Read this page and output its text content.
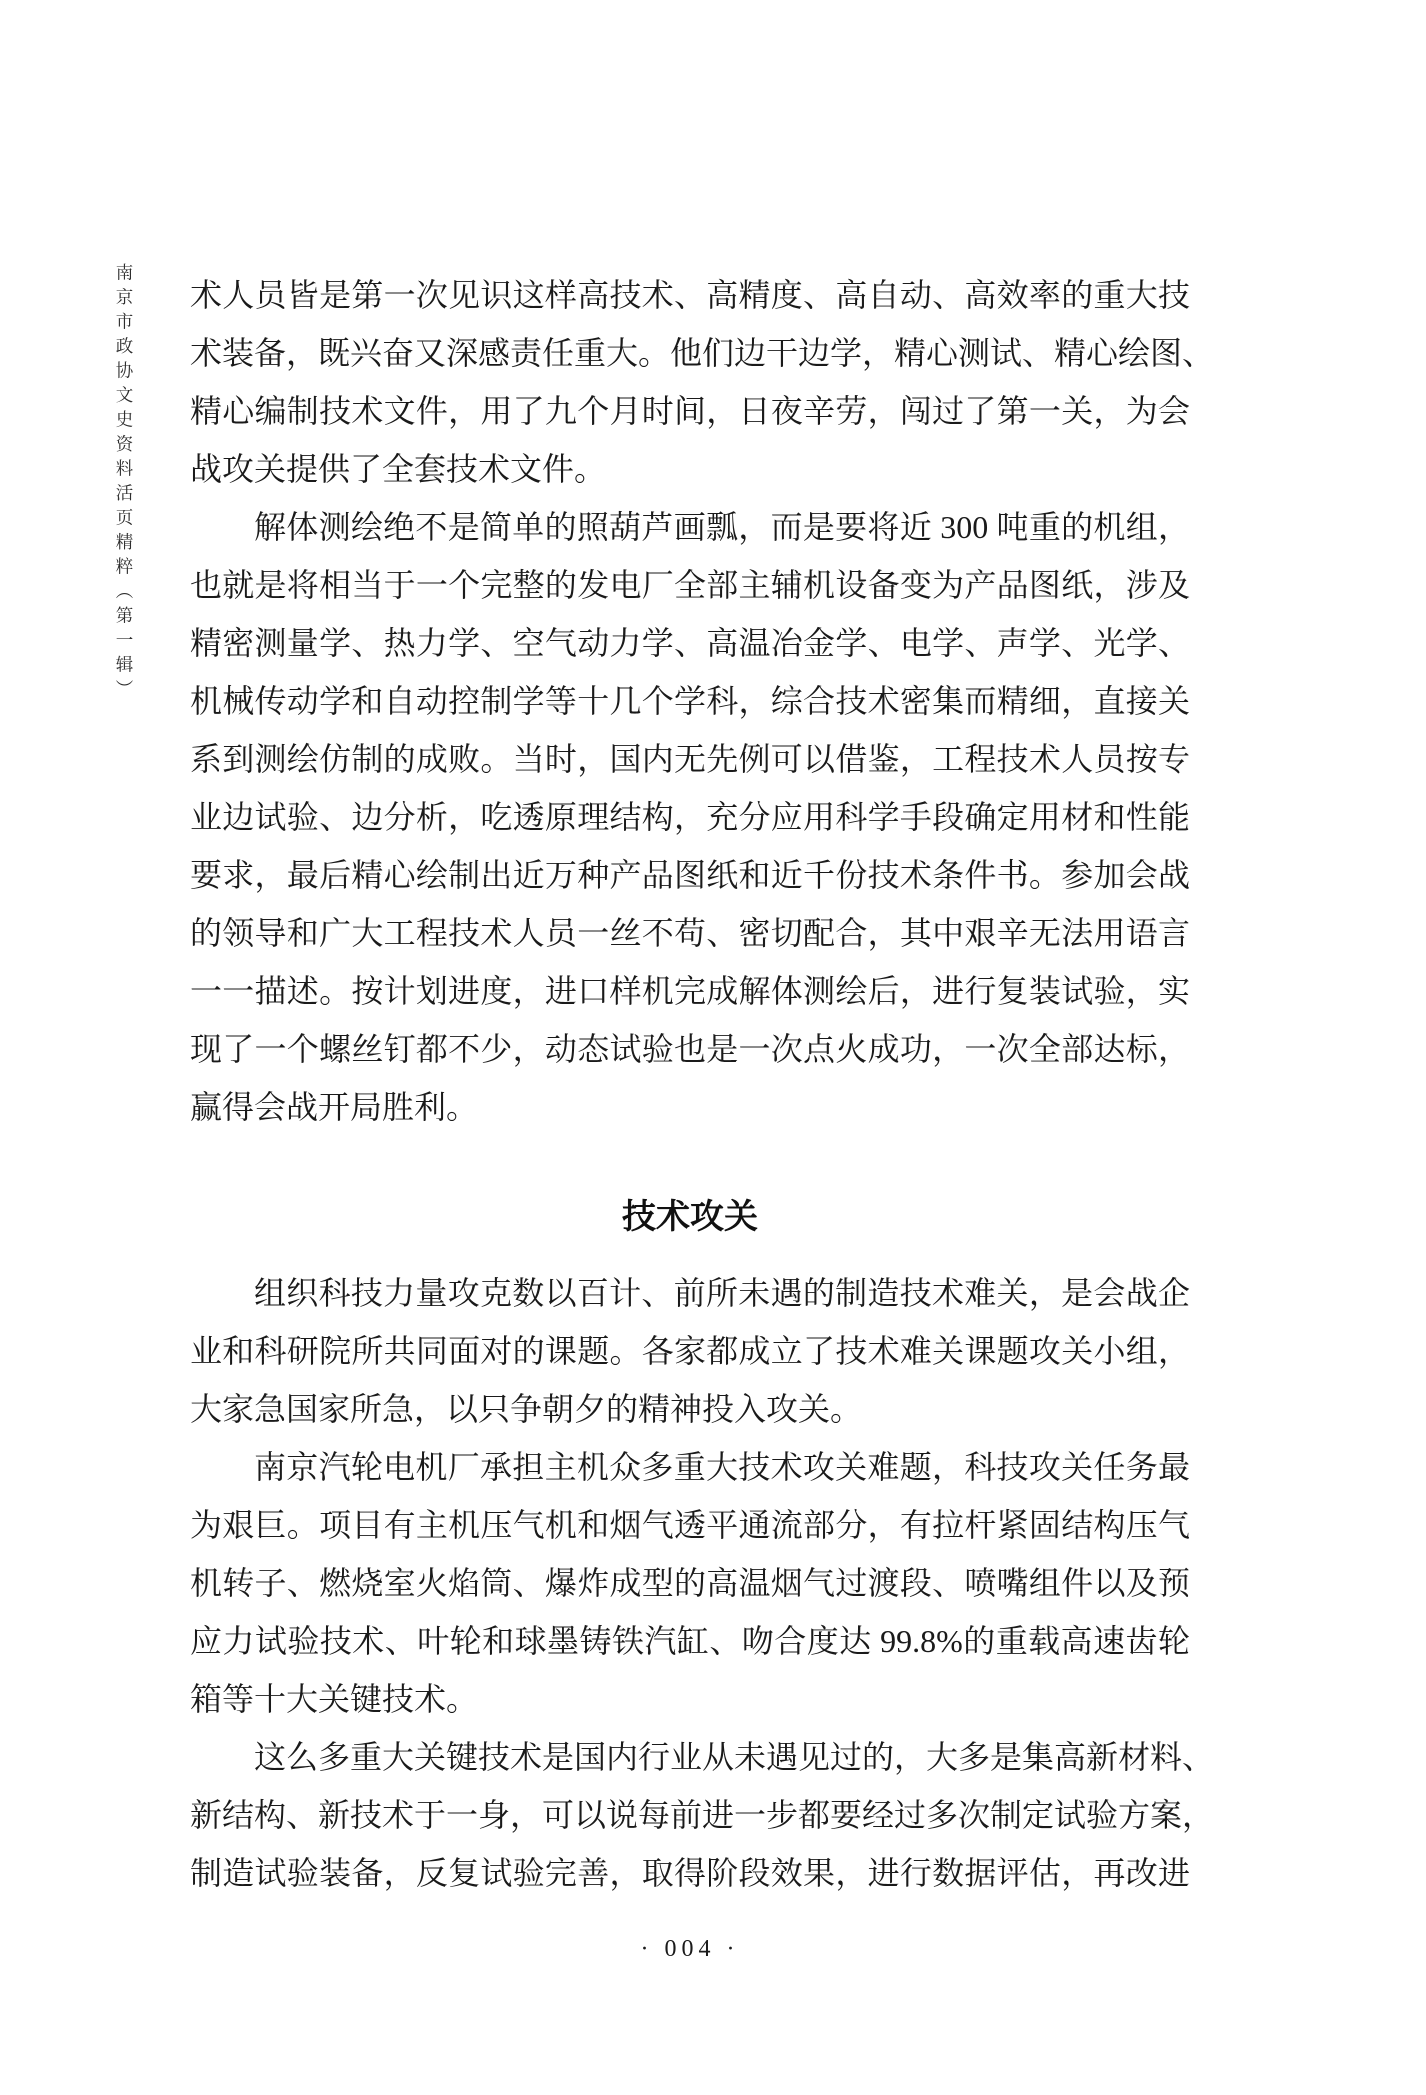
南京市政协文史资料活页精粹（第一辑） 术人员皆是第一次见识这样高技术、高精度、高自动、高效率的重大技
术装备，既兴奋又深感责任重大。他们边干边学，精心测试、精心绘图、
精心编制技术文件，用了九个月时间，日夜辛劳，闯过了第一关，为会
战攻关提供了全套技术文件。
解体测绘绝不是简单的照葫芦画瓢，而是要将近 300 吨重的机组，
也就是将相当于一个完整的发电厂全部主辅机设备变为产品图纸，涉及
精密测量学、热力学、空气动力学、高温冶金学、电学、声学、光学、
机械传动学和自动控制学等十几个学科，综合技术密集而精细，直接关
系到测绘仿制的成败。当时，国内无先例可以借鉴，工程技术人员按专
业边试验、边分析，吃透原理结构，充分应用科学手段确定用材和性能
要求，最后精心绘制出近万种产品图纸和近千份技术条件书。参加会战
的领导和广大工程技术人员一丝不苟、密切配合，其中艰辛无法用语言
一一描述。按计划进度，进口样机完成解体测绘后，进行复装试验，实
现了一个螺丝钉都不少，动态试验也是一次点火成功，一次全部达标，
赢得会战开局胜利。
技术攻关
组织科技力量攻克数以百计、前所未遇的制造技术难关，是会战企
业和科研院所共同面对的课题。各家都成立了技术难关课题攻关小组，
大家急国家所急，以只争朝夕的精神投入攻关。
南京汽轮电机厂承担主机众多重大技术攻关难题，科技攻关任务最
为艰巨。项目有主机压气机和烟气透平通流部分，有拉杆紧固结构压气
机转子、燃烧室火焰筒、爆炸成型的高温烟气过渡段、喷嘴组件以及预
应力试验技术、叶轮和球墨铸铁汽缸、吻合度达 99.8%的重载高速齿轮
箱等十大关键技术。
这么多重大关键技术是国内行业从未遇见过的，大多是集高新材料、
新结构、新技术于一身，可以说每前进一步都要经过多次制定试验方案，
制造试验装备，反复试验完善，取得阶段效果，进行数据评估，再改进
· 004 ·
